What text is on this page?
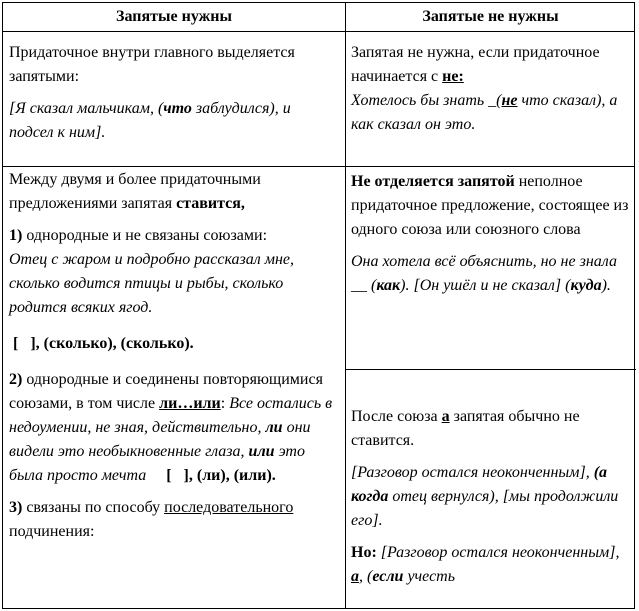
Запятые нужны	Запятые не нужны

Придаточное внутри главного выделяется запятыми:

[Я сказал мальчикам, (что заблудился), и подсел к ним].

Запятая не нужна, если придаточное начинается с не:

Хотелось бы знать _(не что сказал), а как сказал он это.

Между двумя и более придаточными предложениями запятая ставится,

1) однородные и не связаны союзами:

Отец с жаром и подробно рассказал мне, сколько водится птицы и рыбы, сколько родится всяких ягод.

[   ], (сколько), (сколько).

2) однородные и соединены повторяющимися союзами, в том числе ли…или: Все остались в недоумении, не зная, действительно, ли они видели это необыкновенные глаза, или это была просто мечта     [   ], (ли), (или).

3) связаны по способу последовательного подчинения:

Не отделяется запятой неполное придаточное предложение, состоящее из одного союза или союзного слова

Она хотела всё объяснить, но не знала __ (как). [Он ушёл и не сказал] (куда).

После союза а запятая обычно не ставится.

[Разговор остался неоконченным], (а когда отец вернулся), [мы продолжили его].

Но: [Разговор остался неоконченным], а, (если учесть
